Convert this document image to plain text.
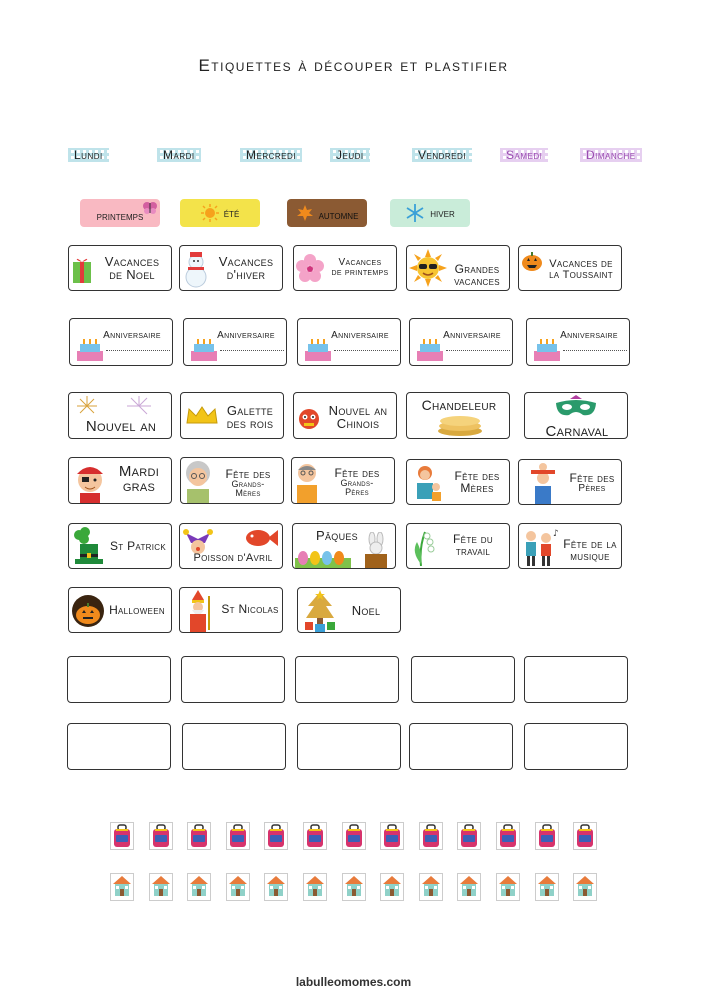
Etiquettes à découper et plastifier
Lundi	Mardi	Mercredi	Jeudi	Vendredi	Samedi	Dimanche
printemps	été	automne	hiver
Vacances
de Noel
Vacances
d'hiver
Vacances
de printemps	Grandes
vacances
Vacances de
la Toussaint
Anniversaire	Anniversaire	Anniversaire	Anniversaire	Anniversaire
Nouvel an
Galette
des rois
Nouvel an
Chinois
Chandeleur
Carnaval
Mardi
gras
Fête des
Grands-
Mères
Fête des
Grands-
Pères
Fête des
Mères
Fête des
Pères
St Patrick
Poisson d'Avril
Pâques	Fête du
travail
♪
Fête de la
musique
Halloween	St Nicolas	Noel
labulleomomes.com
